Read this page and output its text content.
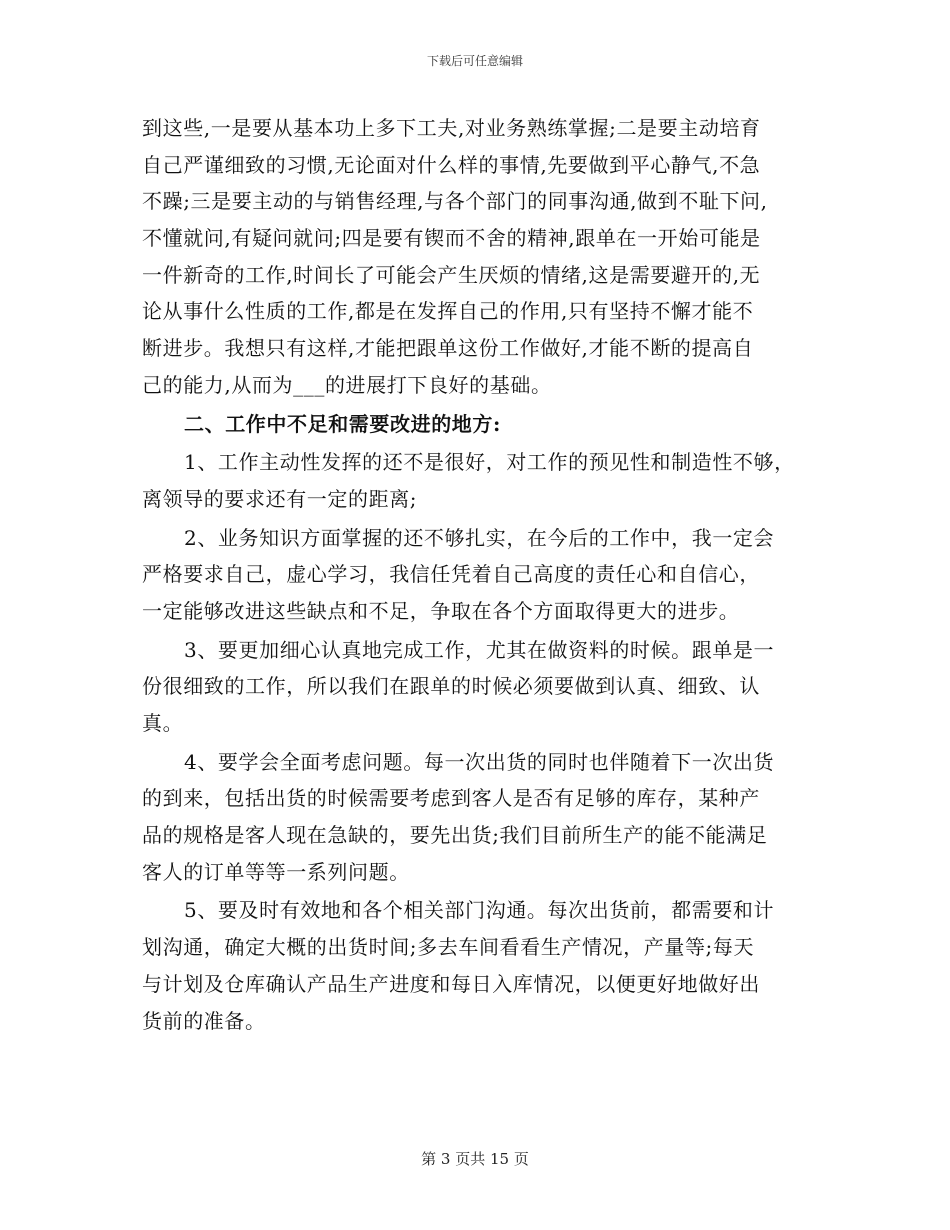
下载后可任意编辑
到这些,一是要从基本功上多下工夫,对业务熟练掌握;二是要主动培育
自己严谨细致的习惯,无论面对什么样的事情,先要做到平心静气,不急
不躁;三是要主动的与销售经理,与各个部门的同事沟通,做到不耻下问,
不懂就问,有疑问就问;四是要有锲而不舍的精神,跟单在一开始可能是
一件新奇的工作,时间长了可能会产生厌烦的情绪,这是需要避开的,无
论从事什么性质的工作,都是在发挥自己的作用,只有坚持不懈才能不
断进步。我想只有这样,才能把跟单这份工作做好,才能不断的提高自
己的能力,从而为___的进展打下良好的基础。
二、工作中不足和需要改进的地方:
1、工作主动性发挥的还不是很好，对工作的预见性和制造性不够，
离领导的要求还有一定的距离;
2、业务知识方面掌握的还不够扎实，在今后的工作中，我一定会
严格要求自己，虚心学习，我信任凭着自己高度的责任心和自信心，
一定能够改进这些缺点和不足，争取在各个方面取得更大的进步。
3、要更加细心认真地完成工作，尤其在做资料的时候。跟单是一
份很细致的工作，所以我们在跟单的时候必须要做到认真、细致、认
真。
4、要学会全面考虑问题。每一次出货的同时也伴随着下一次出货
的到来，包括出货的时候需要考虑到客人是否有足够的库存，某种产
品的规格是客人现在急缺的，要先出货;我们目前所生产的能不能满足
客人的订单等等一系列问题。
5、要及时有效地和各个相关部门沟通。每次出货前，都需要和计
划沟通，确定大概的出货时间;多去车间看看生产情况，产量等;每天
与计划及仓库确认产品生产进度和每日入库情况，以便更好地做好出
货前的准备。
第 3 页共 15 页
